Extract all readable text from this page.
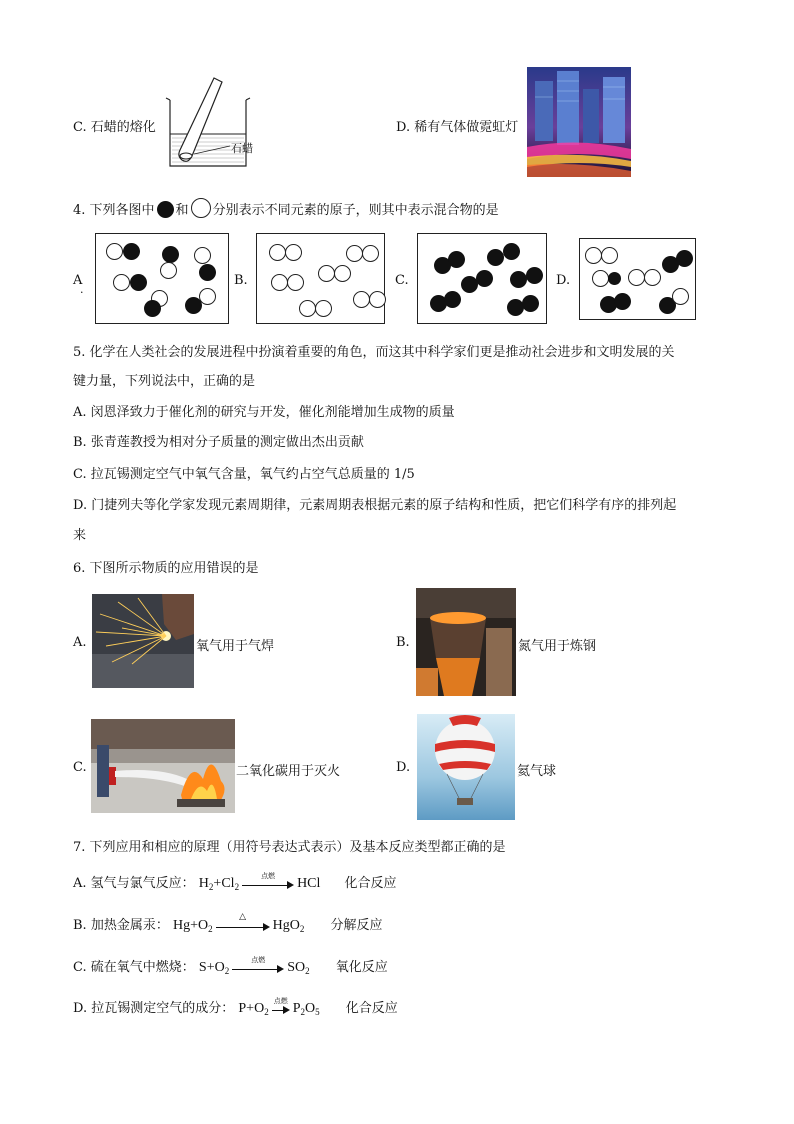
C. 石蜡的熔化
石蜡
D. 稀有气体做霓虹灯
4. 下列各图中 和 分别表示不同元素的原子，则其中表示混合物的是
A
.
B.	C.	D.
5. 化学在人类社会的发展进程中扮演着重要的角色，而这其中科学家们更是推动社会进步和文明发展的关
键力量，下列说法中，正确的是
A. 闵恩泽致力于催化剂的研究与开发，催化剂能增加生成物的质量
B. 张青莲教授为相对分子质量的测定做出杰出贡献
C. 拉瓦锡测定空气中氧气含量，氧气约占空气总质量的 1/5
D. 门捷列夫等化学家发现元素周期律，元素周期表根据元素的原子结构和性质，把它们科学有序的排列起
来
6. 下图所示物质的应用错误的是
A.	氧气用于气焊	B.	氮气用于炼钢
C.	二氧化碳用于灭火	D.	氦气球
7. 下列应用和相应的原理（用符号表达式表示）及基本反应类型都正确的是
A. 氢气与氯气反应： $H_2+Cl_2$
点燃
HCl 化合反应
B. 加热金属汞： $Hg+O_2$
△
HgO$_2$ 分解反应
C. 硫在氧气中燃烧： $S+O_2$
点燃
$SO_2$ 氧化反应
D. 拉瓦锡测定空气的成分： $P+O_2$
点燃
$P_2O_5$ 化合反应
